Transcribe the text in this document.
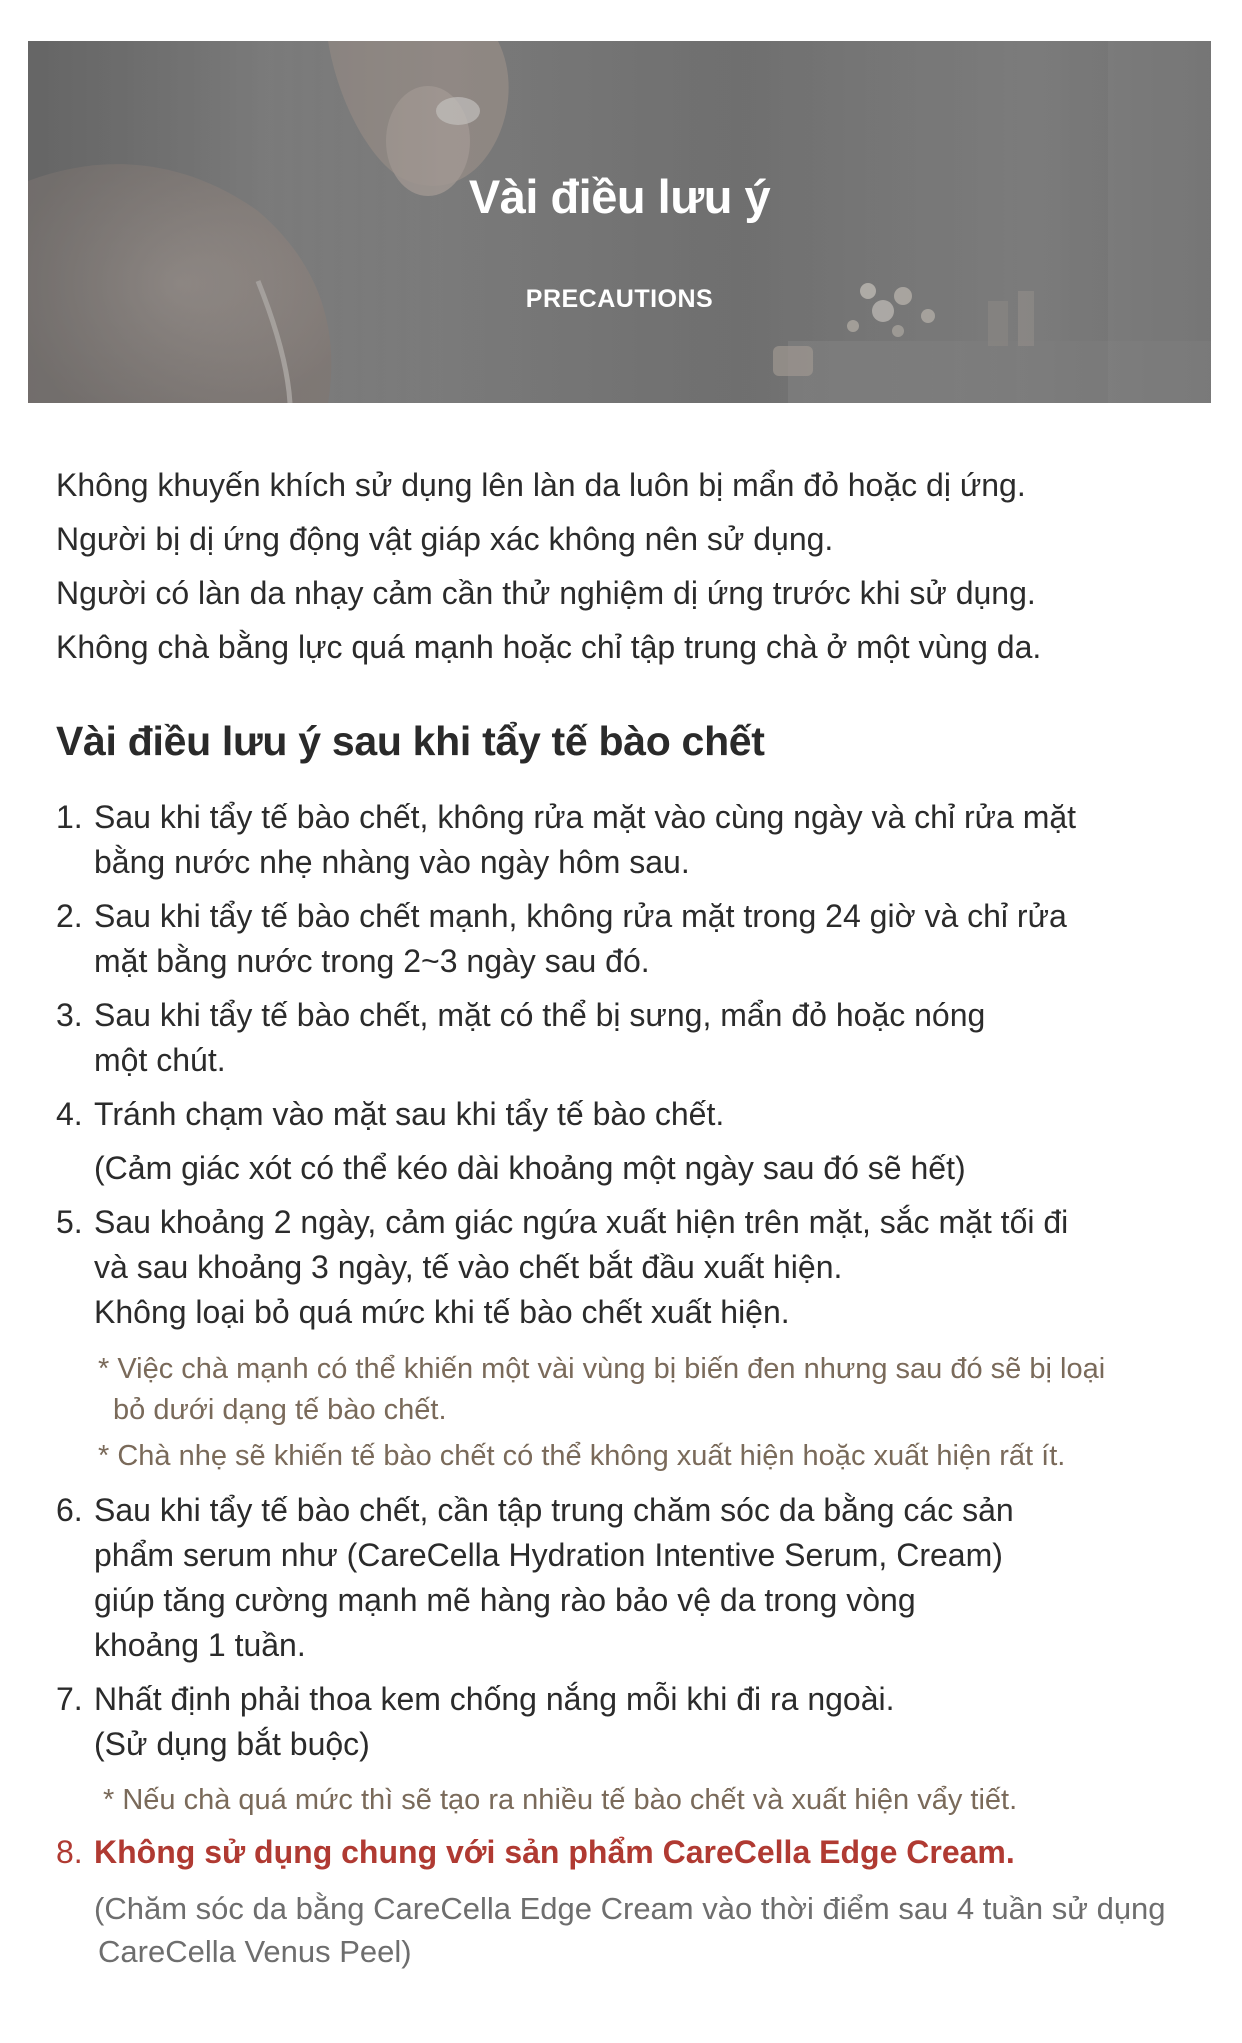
Vài điều lưu ý
PRECAUTIONS
Không khuyến khích sử dụng lên làn da luôn bị mẩn đỏ hoặc dị ứng.
Người bị dị ứng động vật giáp xác không nên sử dụng.
Người có làn da nhạy cảm cần thử nghiệm dị ứng trước khi sử dụng.
Không chà bằng lực quá mạnh hoặc chỉ tập trung chà ở một vùng da.
Vài điều lưu ý sau khi tẩy tế bào chết
1. Sau khi tẩy tế bào chết, không rửa mặt vào cùng ngày và chỉ rửa mặt
bằng nước nhẹ nhàng vào ngày hôm sau.
2. Sau khi tẩy tế bào chết mạnh, không rửa mặt trong 24 giờ và chỉ rửa
mặt bằng nước trong 2~3 ngày sau đó.
3. Sau khi tẩy tế bào chết, mặt có thể bị sưng, mẩn đỏ hoặc nóng
một chút.
4. Tránh chạm vào mặt sau khi tẩy tế bào chết.
(Cảm giác xót có thể kéo dài khoảng một ngày sau đó sẽ hết)
5. Sau khoảng 2 ngày, cảm giác ngứa xuất hiện trên mặt, sắc mặt tối đi
và sau khoảng 3 ngày, tế vào chết bắt đầu xuất hiện.
Không loại bỏ quá mức khi tế bào chết xuất hiện.
* Việc chà mạnh có thể khiến một vài vùng bị biến đen nhưng sau đó sẽ bị loại
bỏ dưới dạng tế bào chết.
* Chà nhẹ sẽ khiến tế bào chết có thể không xuất hiện hoặc xuất hiện rất ít.
6. Sau khi tẩy tế bào chết, cần tập trung chăm sóc da bằng các sản
phẩm serum như (CareCella Hydration Intentive Serum, Cream)
giúp tăng cường mạnh mẽ hàng rào bảo vệ da trong vòng
khoảng 1 tuần.
7. Nhất định phải thoa kem chống nắng mỗi khi đi ra ngoài.
(Sử dụng bắt buộc)
* Nếu chà quá mức thì sẽ tạo ra nhiều tế bào chết và xuất hiện vẩy tiết.
8. Không sử dụng chung với sản phẩm CareCella Edge Cream.
(Chăm sóc da bằng CareCella Edge Cream vào thời điểm sau 4 tuần sử dụng
CareCella Venus Peel)
